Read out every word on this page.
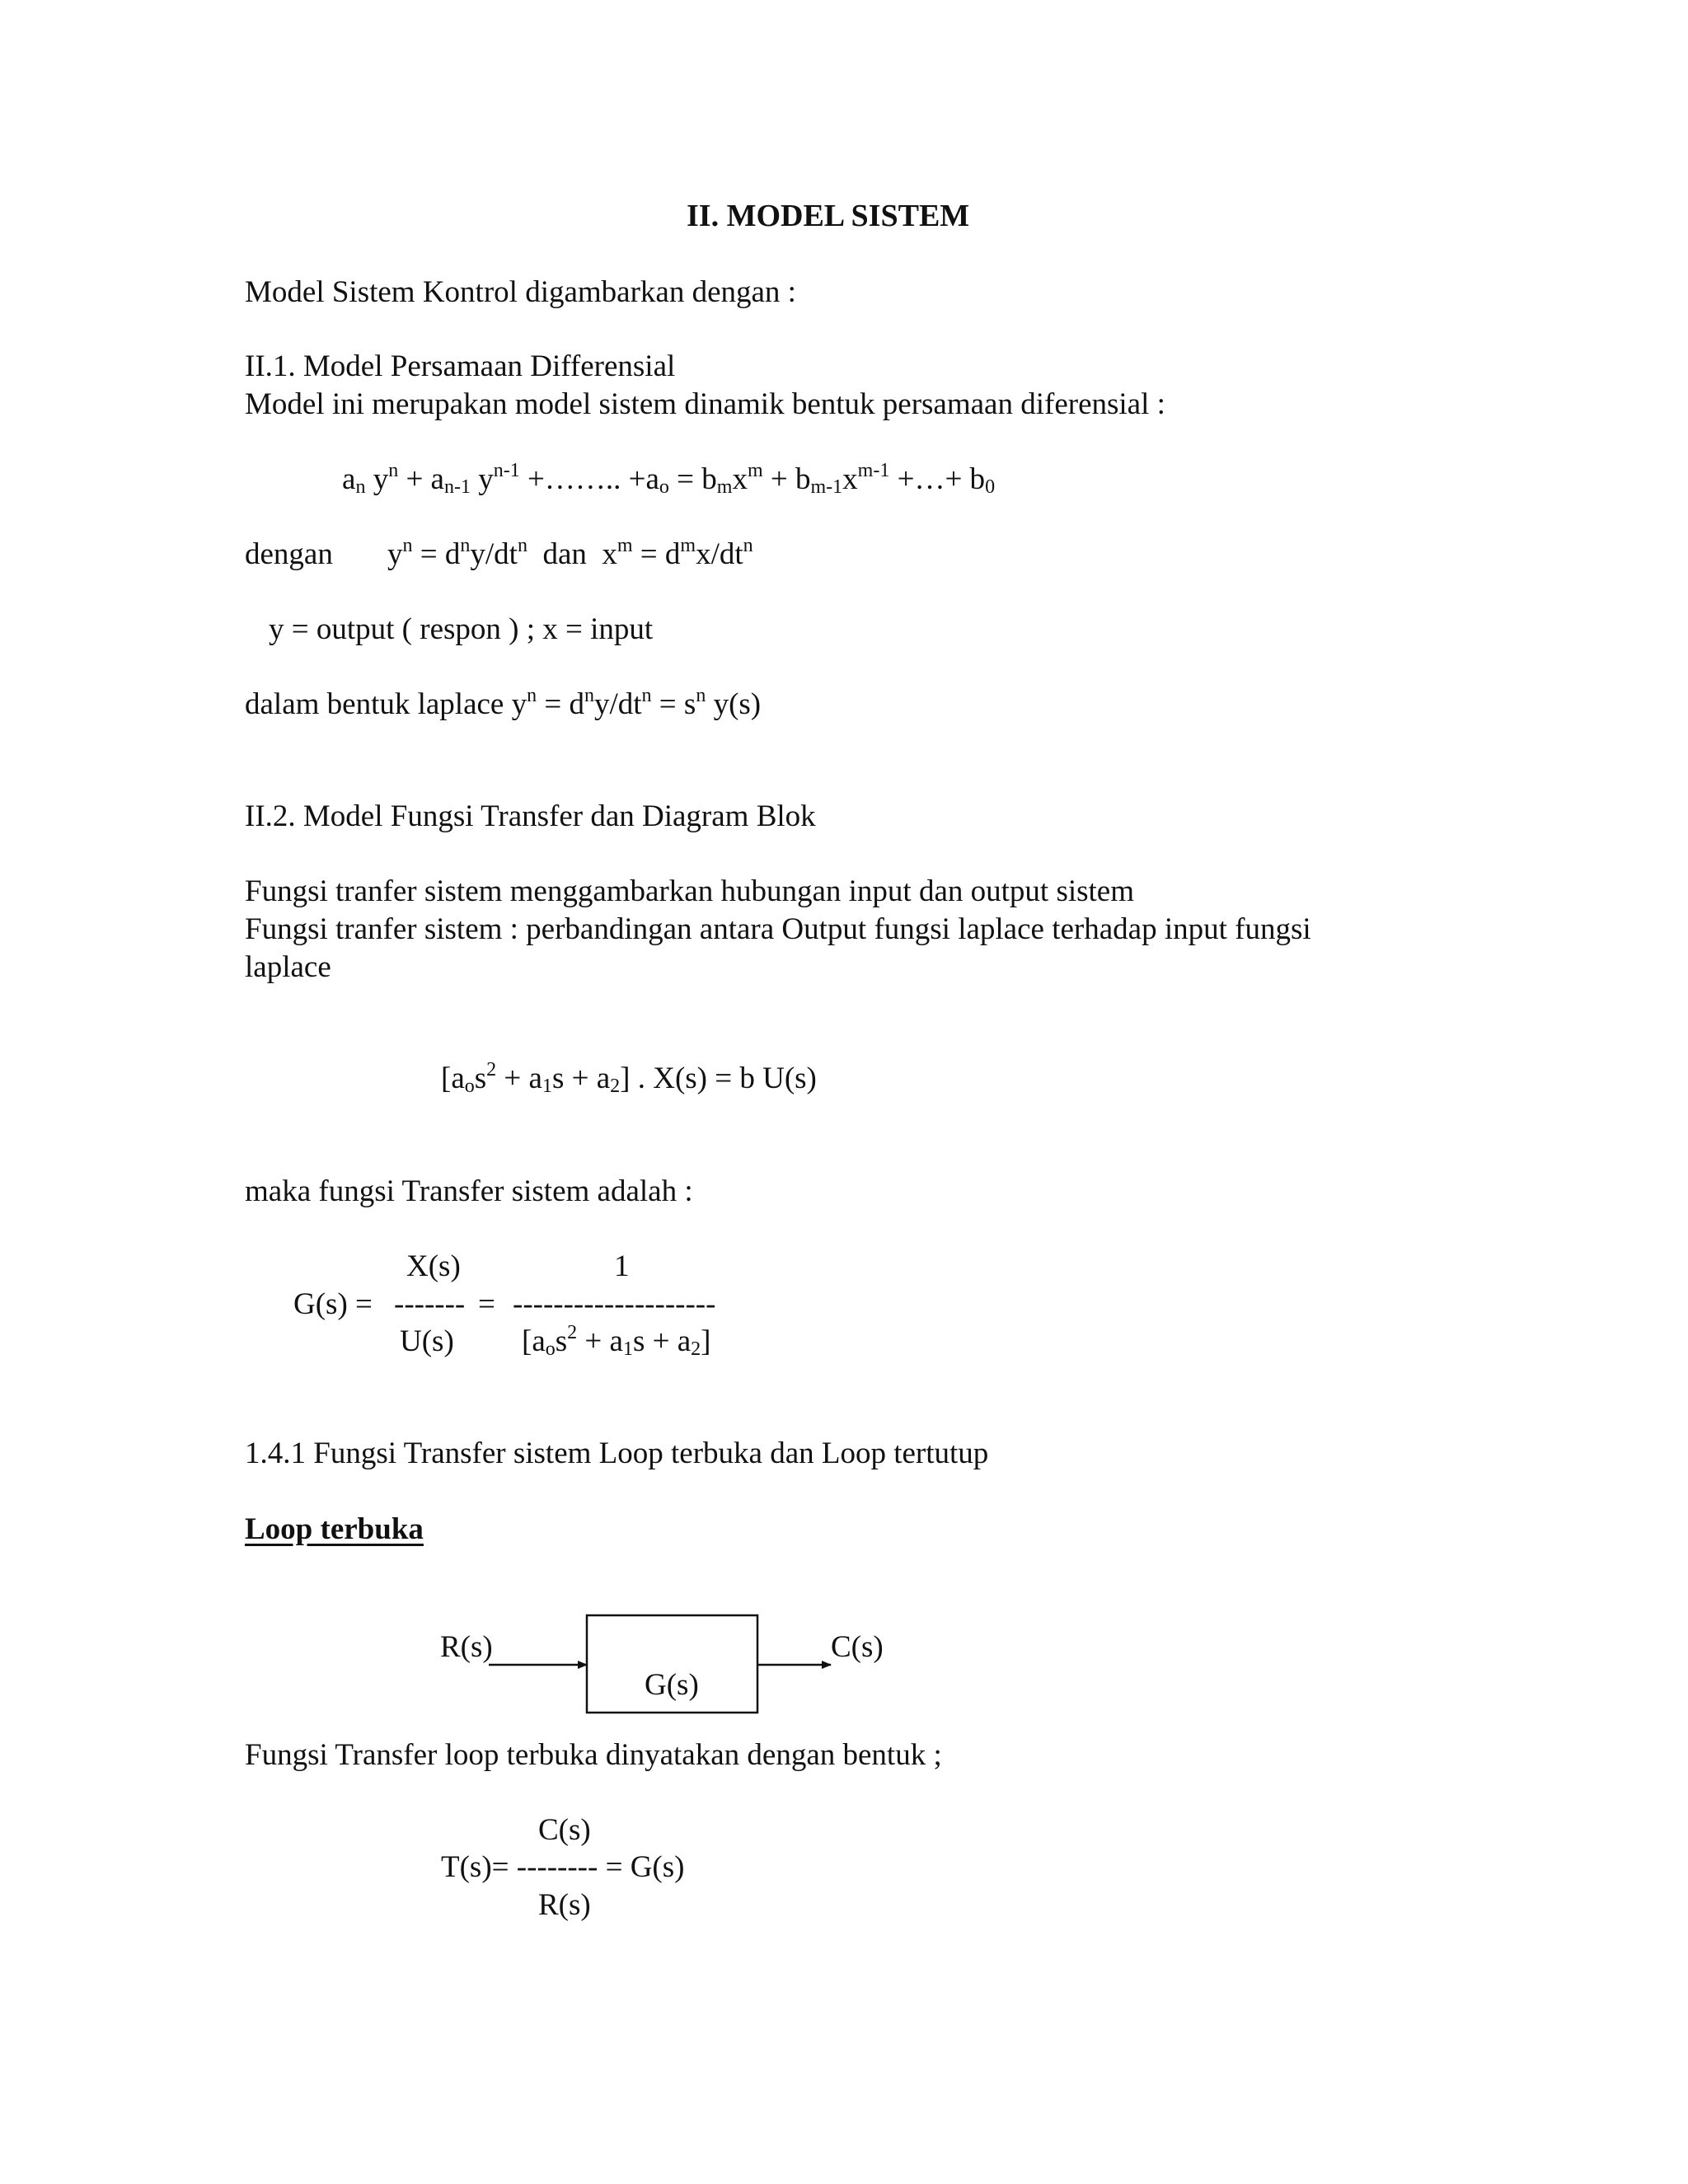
II. MODEL SISTEM
Model Sistem Kontrol digambarkan dengan :
II.1. Model Persamaan Differensial
Model ini merupakan model sistem dinamik bentuk persamaan diferensial :
$a_n$ $y^n + a_{n-1}$ $y^{n-1}$ +…….. $+a_o = b_mx^m + b_{m-1}x^{m-1}$ +…+ $b_0$
dengan $y^n = d^ny/dt^n$ dan $x^m = d^mx/dt^n$
y = output ( respon ) ; x = input
dalam bentuk laplace $y^n = d^ny/dt^n = s^n$ y(s)
II.2. Model Fungsi Transfer dan Diagram Blok
Fungsi tranfer sistem menggambarkan hubungan input dan output sistem
Fungsi tranfer sistem : perbandingan antara Output fungsi laplace terhadap input fungsi
laplace
$[a_os^2 + a_1s + a_2]$ . X(s) = b U(s)
maka fungsi Transfer sistem adalah :
X(s)	1
G(s) = ------- = --------------------
U(s) $[a_os^2 + a_1s + a_2]$
1.4.1 Fungsi Transfer sistem Loop terbuka dan Loop tertutup
Loop terbuka
R(s)
G(s)
C(s)
Fungsi Transfer loop terbuka dinyatakan dengan bentuk ;
C(s)
T(s)= -------- = G(s)
R(s)
